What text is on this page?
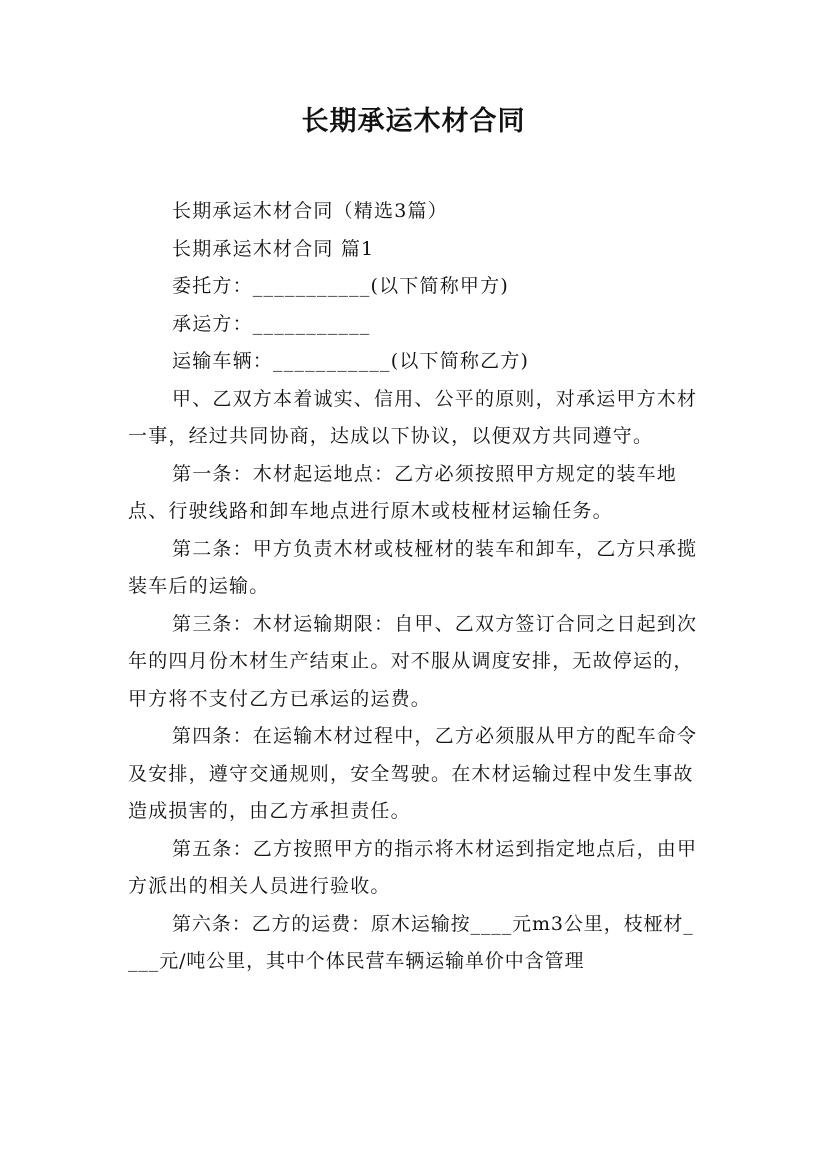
长期承运木材合同

长期承运木材合同（精选3篇）

长期承运木材合同 篇1

委托方：___________(以下简称甲方)

承运方：___________

运输车辆：___________(以下简称乙方)

甲、乙双方本着诚实、信用、公平的原则，对承运甲方木材一事，经过共同协商，达成以下协议，以便双方共同遵守。

第一条：木材起运地点：乙方必须按照甲方规定的装车地点、行驶线路和卸车地点进行原木或枝桠材运输任务。

第二条：甲方负责木材或枝桠材的装车和卸车，乙方只承揽装车后的运输。

第三条：木材运输期限：自甲、乙双方签订合同之日起到次年的四月份木材生产结束止。对不服从调度安排，无故停运的，甲方将不支付乙方已承运的运费。

第四条：在运输木材过程中，乙方必须服从甲方的配车命令及安排，遵守交通规则，安全驾驶。在木材运输过程中发生事故造成损害的，由乙方承担责任。

第五条：乙方按照甲方的指示将木材运到指定地点后，由甲方派出的相关人员进行验收。

第六条：乙方的运费：原木运输按____元m3公里，枝桠材____元/吨公里，其中个体民营车辆运输单价中含管理
